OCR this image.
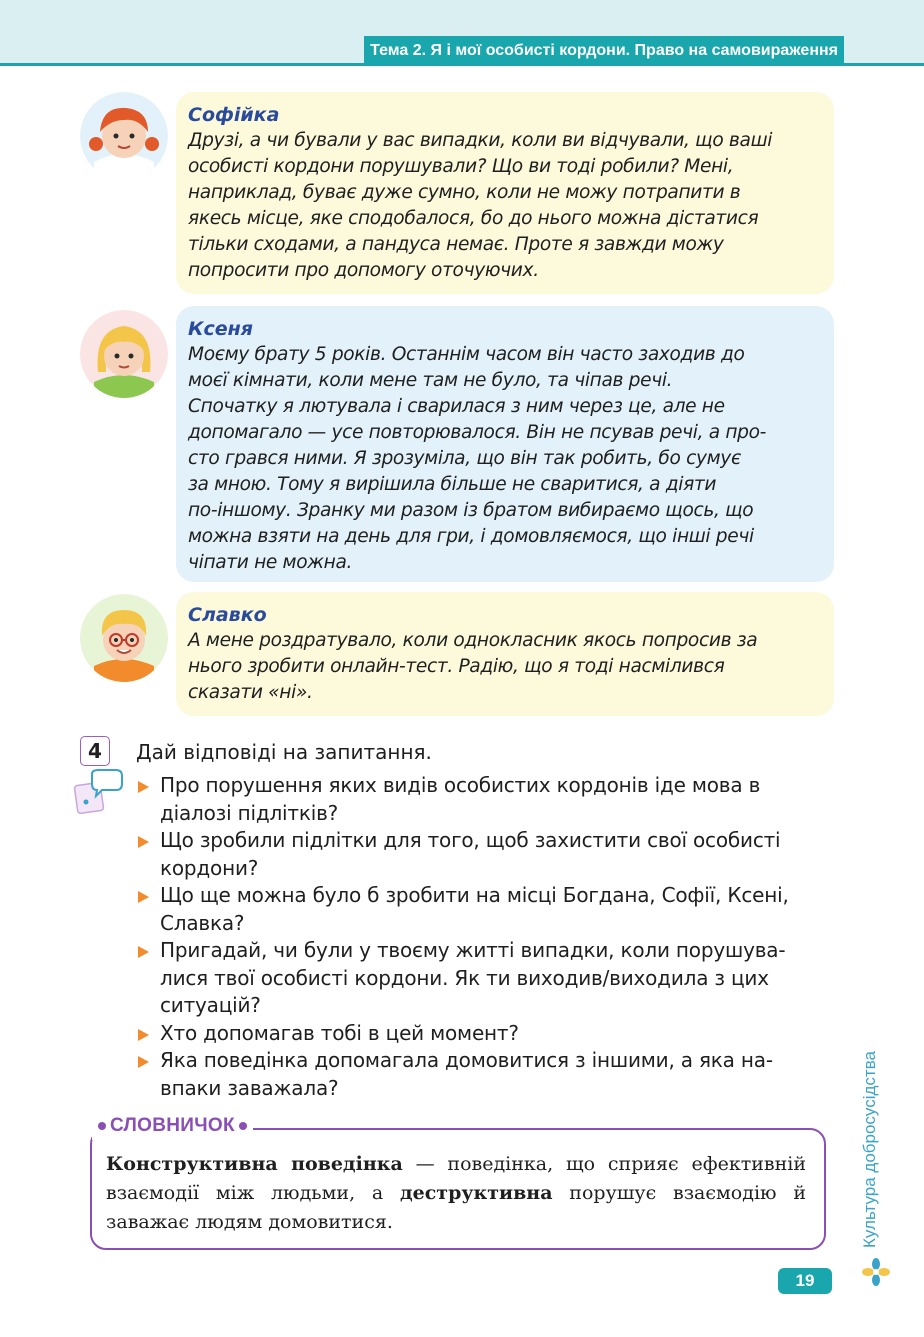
Тема 2. Я і мої особисті кордони. Право на самовираження
Софійка
Друзі, а чи бували у вас випадки, коли ви відчували, що ваші
особисті кордони порушували? Що ви тоді робили? Мені,
наприклад, буває дуже сумно, коли не можу потрапити в
якесь місце, яке сподобалося, бо до нього можна дістатися
тільки сходами, а пандуса немає. Проте я завжди можу
попросити про допомогу оточуючих.
Ксеня
Моєму брату 5 років. Останнім часом він часто заходив до
моєї кімнати, коли мене там не було, та чіпав речі.
Спочатку я лютувала і сварилася з ним через це, але не
допомагало — усе повторювалося. Він не псував речі, а про-
сто грався ними. Я зрозуміла, що він так робить, бо сумує
за мною. Тому я вирішила більше не сваритися, а діяти
по-іншому. Зранку ми разом із братом вибираємо щось, що
можна взяти на день для гри, і домовляємося, що інші речі
чіпати не можна.
Славко
А мене роздратувало, коли однокласник якось попросив за
нього зробити онлайн-тест. Радію, що я тоді насмілився
сказати «ні».
4	Дай відповіді на запитання.
Про порушення яких видів особистих кордонів іде мова в
діалозі підлітків?
Що зробили підлітки для того, щоб захистити свої особисті
кордони?
Що ще можна було б зробити на місці Богдана, Софії, Ксені,
Славка?
Пригадай, чи були у твоєму житті випадки, коли порушува-
лися твої особисті кордони. Як ти виходив/виходила з цих
ситуацій?
Хто допомагав тобі в цей момент?
Яка поведінка допомагала домовитися з іншими, а яка на-
впаки заважала?
СЛОВНИЧОК
Конструктивна поведінка — поведінка, що сприяє ефективній взаємодії між людьми, а деструктивна порушує взаємодію й заважає людям домовитися.	Культура добросусідства
19
